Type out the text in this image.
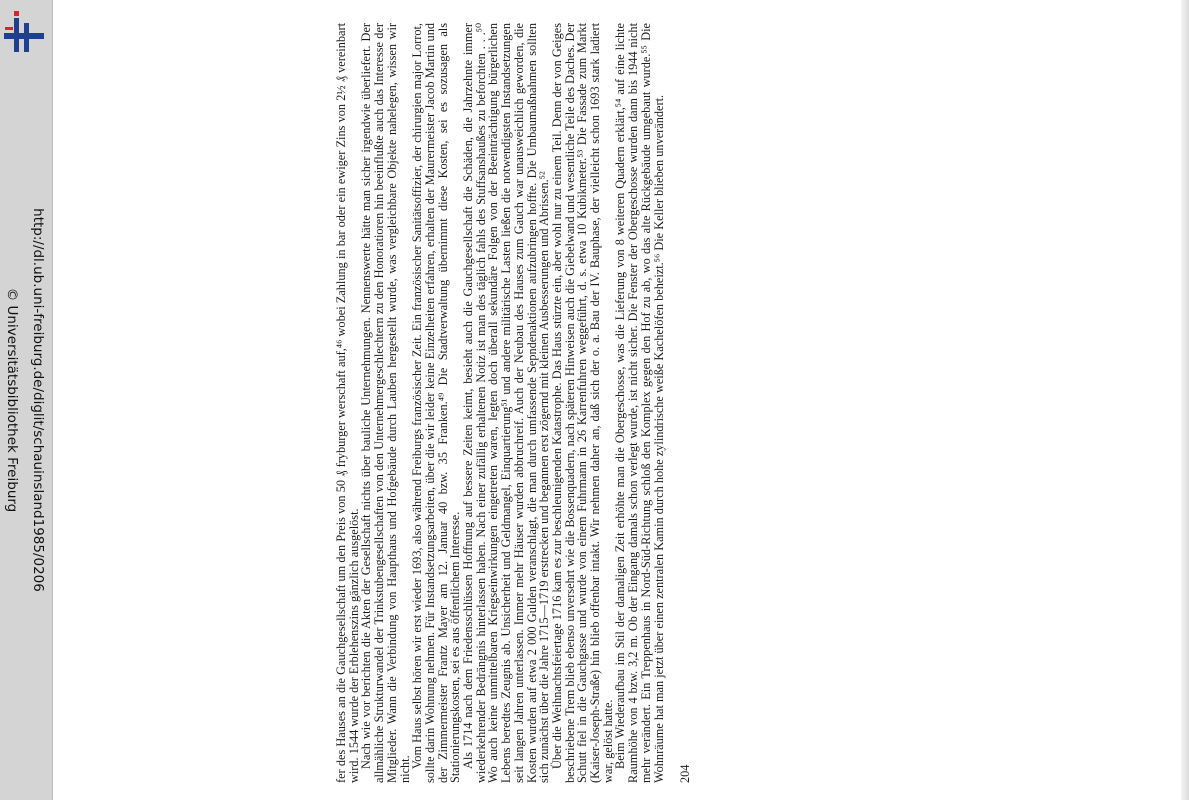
http://dl.ub.uni-freiburg.de/diglit/schauinsland1985/0206
© Universitätsbibliothek Freiburg	fer des Hauses an die Gauchgesellschaft um den Preis von 50 ₰ fryburger werschaft auf,⁴⁶ wobei Zahlung in bar oder ein ewiger Zins von 2½ ₰ vereinbart wird. 1544 wurde der Erblehenszins gänzlich ausgelöst.

Nach wie vor berichten die Akten der Gesellschaft nichts über bauliche Unternehmungen. Nennenswerte hätte man sicher irgendwie überliefert. Der allmähliche Strukturwandel der Trinkstubengesellschaften von den Unternehmergeschlechtern zu den Honoratioren hin beeinflußte auch das Interesse der Mitglieder. Wann die Verbindung von Haupthaus und Hofgebäude durch Lauben hergestellt wurde, was vergleichbare Objekte nahelegen, wissen wir nicht.

Vom Haus selbst hören wir erst wieder 1693, also während Freiburgs französischer Zeit. Ein französischer Sanitätsoffizier, der chirurgien major Lorrot, sollte darin Wohnung nehmen. Für Instandsetzungsarbeiten, über die wir leider keine Einzelheiten erfahren, erhalten der Maurermeister Jacob Martin und der Zimmermeister Frantz Mayer am 12. Januar 40 bzw. 35 Franken.⁴⁹ Die Stadtverwaltung übernimmt diese Kosten, sei es sozusagen als Stationierungskosten, sei es aus öffentlichem Interesse.

Als 1714 nach dem Friedensschlüssen Hoffnung auf bessere Zeiten keimt, besieht auch die Gauchgesellschaft die Schäden, die Jahrzehnte immer wiederkehrender Bedrängnis hinterlassen haben. Nach einer zufällig erhaltenen Notiz ist man des täglich fahls des Stuffsanshaußes zu beforchten . . .⁵⁰ Wo auch keine unmittelbaren Kriegseinwirkungen eingetreten waren, legten doch überall sekundäre Folgen von der Beeinträchtigung bürgerlichen Lebens beredtes Zeugnis ab. Unsicherheit und Geldmangel, Einquartierung⁵¹ und andere militärische Lasten ließen die notwendigsten Instandsetzungen seit langen Jahren unterlassen. Immer mehr Häuser wurden abbruchreif. Auch der Neubau des Hauses zum Gauch war unausweichlich geworden, die Kosten wurden auf etwa 2 000 Gulden veranschlagt, die man durch umfassende Sepndenaktionen aufzubringen hoffte. Die Umbaumaßnahmen sollten sich zunächst über die Jahre 1715—1719 erstrecken und begannen erst zögernd mit kleinen Ausbesserungen und Abrissen.⁵²

Über die Weihnachtsfeiertage 1716 kam es zur beschleunigenden Katastrophe. Das Haus stürzte ein, aber wohl nur zu einem Teil. Denn der von Geiges beschriebene Trem blieb ebenso unversehrt wie die Bossenquadern, nach späteren Hinweisen auch die Giebelwand und wesentliche Teile des Daches. Der Schutt fiel in die Gauchgasse und wurde von einem Fuhrmann in 26 Karrenfuhren weggeführt, d. s. etwa 10 Kubikmeter.⁵³ Die Fassade zum Markt (Kaiser-Joseph-Straße) hin blieb offenbar intakt. Wir nehmen daher an, daß sich der o. a. Bau der IV. Bauphase, der vielleicht schon 1693 stark ladiert war, gelöst hatte.

Beim Wiederaufbau im Stil der damaligen Zeit erhöhte man die Obergeschosse, was die Lieferung von 8 weiteren Quadern erklärt,⁵⁴ auf eine lichte Raumhöhe von 4 bzw. 3,2 m. Ob der Eingang damals schon verlegt wurde, ist nicht sicher. Die Fenster der Obergeschosse wurden dann bis 1944 nicht mehr verändert. Ein Treppenhaus in Nord-Süd-Richtung schloß den Komplex gegen den Hof zu ab, wo das alte Rückgebäude umgebaut wurde.⁵⁵ Die Wohnräume hat man jetzt über einen zentralen Kamin durch hohe zylindrische weiße Kachelöfen beheizt.⁵⁶ Die Keller blieben unverändert. 204
